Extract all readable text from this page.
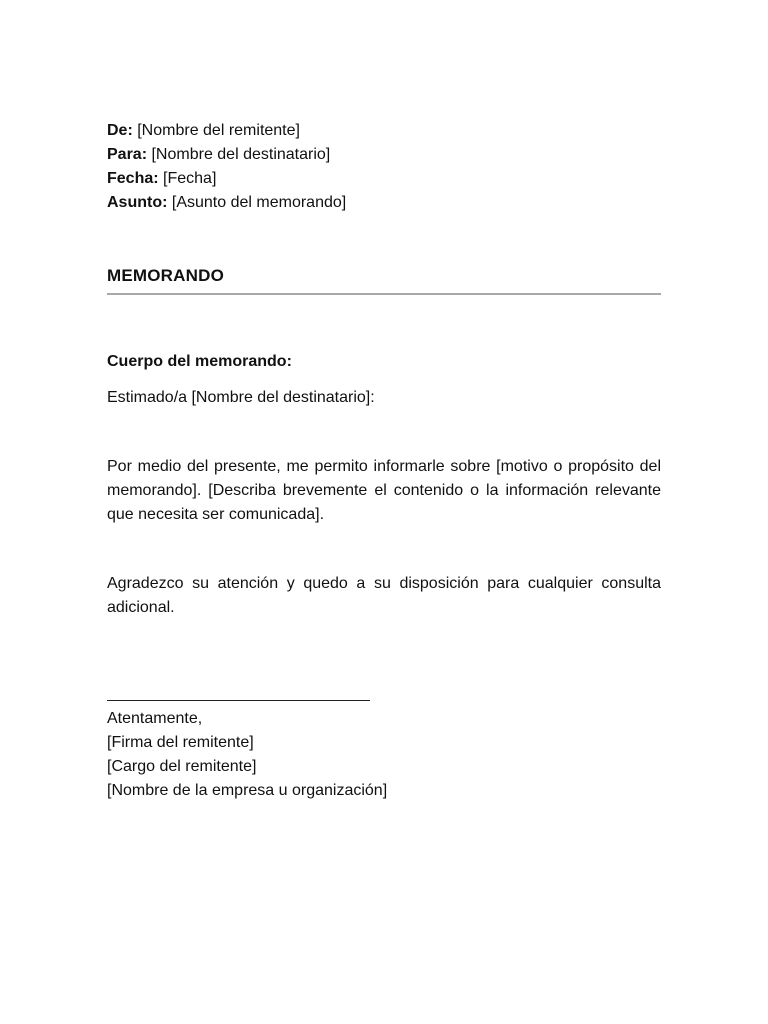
De: [Nombre del remitente]
Para: [Nombre del destinatario]
Fecha: [Fecha]
Asunto: [Asunto del memorando]
MEMORANDO
Cuerpo del memorando:
Estimado/a [Nombre del destinatario]:
Por medio del presente, me permito informarle sobre [motivo o propósito del memorando]. [Describa brevemente el contenido o la información relevante que necesita ser comunicada].
Agradezco su atención y quedo a su disposición para cualquier consulta adicional.
Atentamente,
[Firma del remitente]
[Cargo del remitente]
[Nombre de la empresa u organización]
